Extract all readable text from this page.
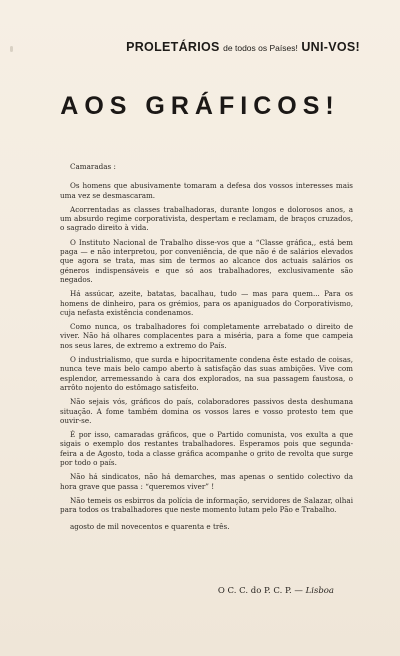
PROLETÁRIOS de todos os Países! UNI-VOS!
AOS GRÁFICOS!

Camaradas :

Os homens que abusivamente tomaram a defesa dos vossos interesses mais uma vez se desmascaram.

Acorrentadas as classes trabalhadoras, durante longos e dolorosos anos, a um absurdo regime corporativista, despertam e reclamam, de braços cruzados, o sagrado direito à vida.

O Instituto Nacional de Trabalho disse-vos que a “Classe gráfica,, está bem paga — e não interpretou, por conveniência, de que não é de salários elevados que agora se trata, mas sim de termos ao alcance dos actuais salários os géneros indispensáveis e que só aos trabalhadores, exclusivamente são negados.

Há assúcar, azeite, batatas, bacalhau, tudo — mas para quem... Para os homens de dinheiro, para os grémios, para os apaniguados do Corporativismo, cuja nefasta existência condenamos.

Como nunca, os trabalhadores foi completamente arrebatado o direito de viver. Não há olhares complacentes para a miséria, para a fome que campeia nos seus lares, de extremo a extremo do País.

O industrialismo, que surda e hipocritamente condena êste estado de coisas, nunca teve mais belo campo aberto à satisfação das suas ambições. Vive com esplendor, arremessando à cara dos explorados, na sua passagem faustosa, o arrôto nojento do estômago satisfeito.

Não sejais vós, gráficos do país, colaboradores passivos desta deshumana situação. A fome também domina os vossos lares e vosso protesto tem que ouvir-se.

É por isso, camaradas gráficos, que o Partido comunista, vos exulta a que sigais o exemplo dos restantes trabalhadores. Esperamos pois que segunda-feira a de Agosto, toda a classe gráfica acompanhe o grito de revolta que surge por todo o país.

Não há sindicatos, não há demarches, mas apenas o sentido colectivo da hora grave que passa : “queremos viver” !

Não temeis os esbirros da polícia de informação, servidores de Salazar, olhai para todos os trabalhadores que neste momento lutam pelo Pão e Trabalho.

agosto de mil novecentos e quarenta e três.

O C. C. do P. C. P. — Lisboa
